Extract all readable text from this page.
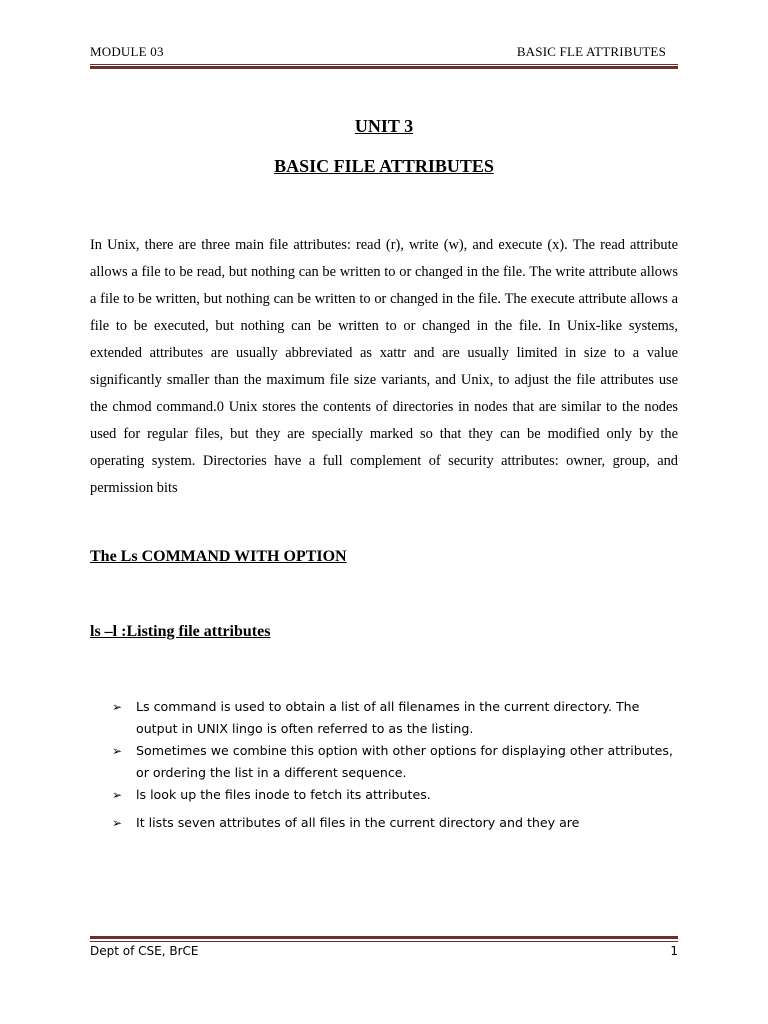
MODULE 03	BASIC FLE ATTRIBUTES
UNIT 3
BASIC FILE ATTRIBUTES
In Unix, there are three main file attributes: read (r), write (w), and execute (x). The read attribute allows a file to be read, but nothing can be written to or changed in the file. The write attribute allows a file to be written, but nothing can be written to or changed in the file. The execute attribute allows a file to be executed, but nothing can be written to or changed in the file. In Unix-like systems, extended attributes are usually abbreviated as xattr and are usually limited in size to a value significantly smaller than the maximum file size variants, and Unix, to adjust the file attributes use the chmod command.0 Unix stores the contents of directories in nodes that are similar to the nodes used for regular files, but they are specially marked so that they can be modified only by the operating system. Directories have a full complement of security attributes: owner, group, and permission bits
The Ls COMMAND WITH OPTION
ls –l :Listing file attributes

➢ Ls command is used to obtain a list of all filenames in the current directory. The output in UNIX lingo is often referred to as the listing.

➢ Sometimes we combine this option with other options for displaying other attributes, or ordering the list in a different sequence.

➢ ls look up the files inode to fetch its attributes.

➢ It lists seven attributes of all files in the current directory and they are

Dept of CSE, BrCE	1
